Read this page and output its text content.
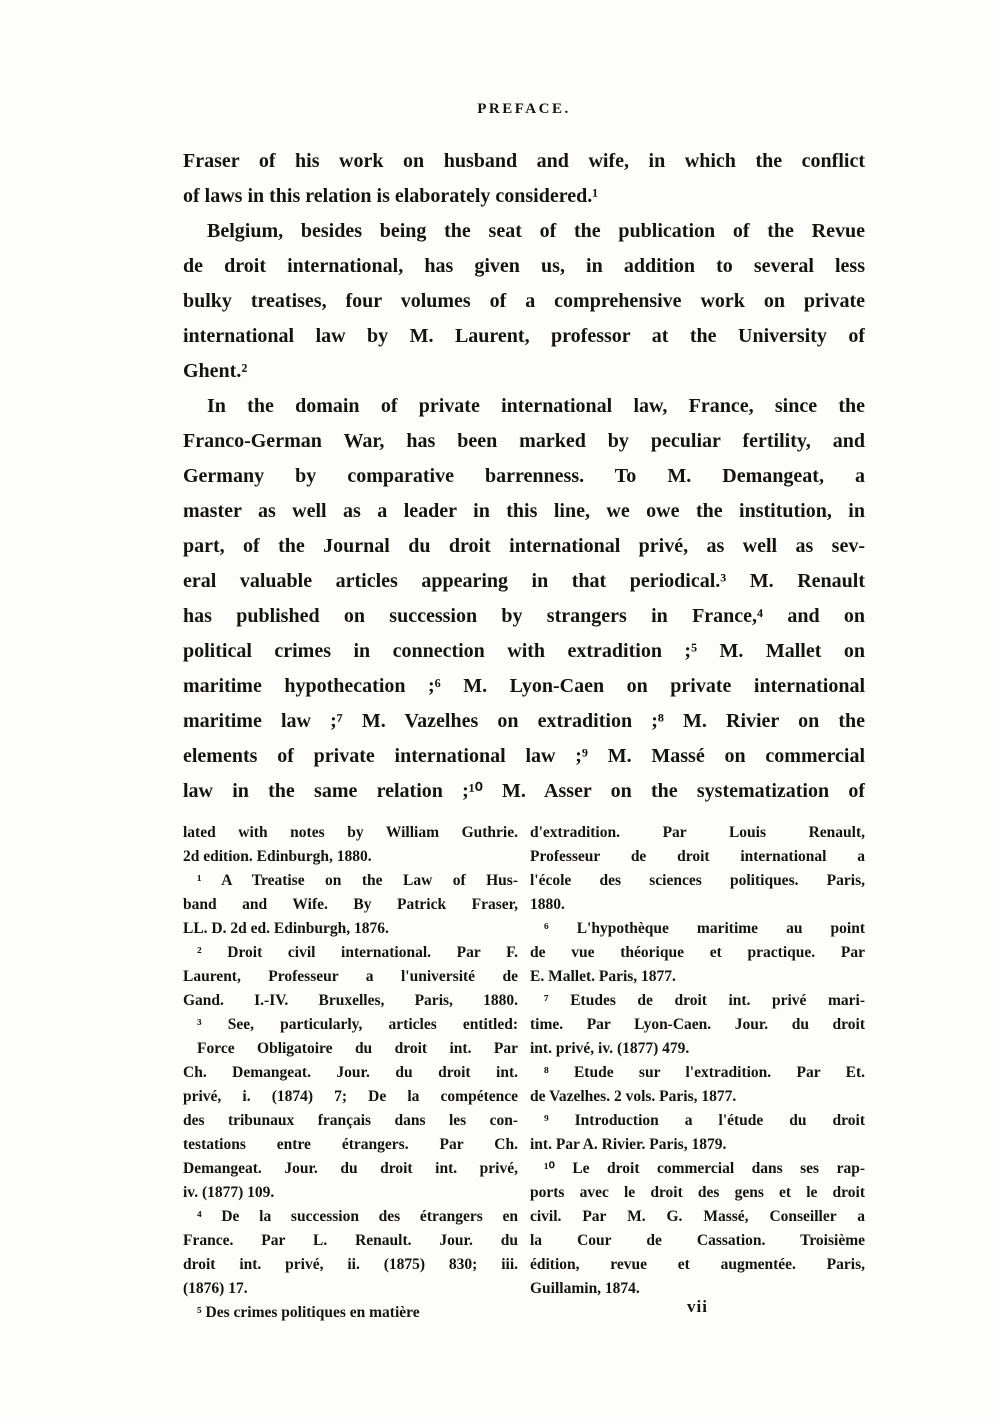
PREFACE.
Fraser of his work on husband and wife, in which the conflict
of laws in this relation is elaborately considered.¹
Belgium, besides being the seat of the publication of the Revue
de droit international, has given us, in addition to several less
bulky treatises, four volumes of a comprehensive work on private
international law by M. Laurent, professor at the University of
Ghent.²
In the domain of private international law, France, since the
Franco-German War, has been marked by peculiar fertility, and
Germany by comparative barrenness. To M. Demangeat, a
master as well as a leader in this line, we owe the institution, in
part, of the Journal du droit international privé, as well as sev-
eral valuable articles appearing in that periodical.³ M. Renault
has published on succession by strangers in France,⁴ and on
political crimes in connection with extradition ;⁵ M. Mallet on
maritime hypothecation ;⁶ M. Lyon-Caen on private international
maritime law ;⁷ M. Vazelhes on extradition ;⁸ M. Rivier on the
elements of private international law ;⁹ M. Massé on commercial
law in the same relation ;¹⁰ M. Asser on the systematization of
lated with notes by William Guthrie.
2d edition. Edinburgh, 1880.
¹ A Treatise on the Law of Hus-
band and Wife. By Patrick Fraser,
LL. D. 2d ed. Edinburgh, 1876.
² Droit civil international. Par F.
Laurent, Professeur a l'université de
Gand. I.-IV. Bruxelles, Paris, 1880.
³ See, particularly, articles entitled:
Force Obligatoire du droit int. Par
Ch. Demangeat. Jour. du droit int.
privé, i. (1874) 7; De la compétence
des tribunaux français dans les con-
testations entre étrangers. Par Ch.
Demangeat. Jour. du droit int. privé,
iv. (1877) 109.
⁴ De la succession des étrangers en
France. Par L. Renault. Jour. du
droit int. privé, ii. (1875) 830; iii.
(1876) 17.
⁵ Des crimes politiques en matière
d'extradition. Par Louis Renault,
Professeur de droit international a
l'école des sciences politiques. Paris,
1880.
⁶ L'hypothèque maritime au point
de vue théorique et practique. Par
E. Mallet. Paris, 1877.
⁷ Etudes de droit int. privé mari-
time. Par Lyon-Caen. Jour. du droit
int. privé, iv. (1877) 479.
⁸ Etude sur l'extradition. Par Et.
de Vazelhes. 2 vols. Paris, 1877.
⁹ Introduction a l'étude du droit
int. Par A. Rivier. Paris, 1879.
¹⁰ Le droit commercial dans ses rap-
ports avec le droit des gens et le droit
civil. Par M. G. Massé, Conseiller a
la Cour de Cassation. Troisième
édition, revue et augmentée. Paris,
Guillamin, 1874.
vii
